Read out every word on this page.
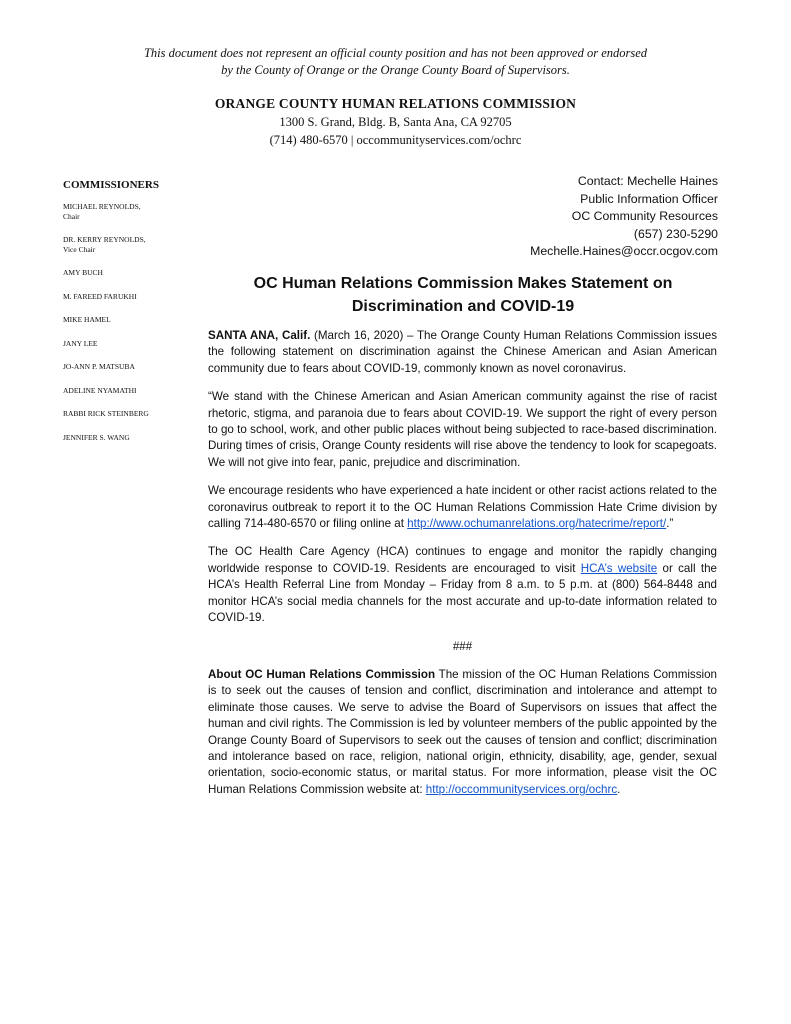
This document does not represent an official county position and has not been approved or endorsed
by the County of Orange or the Orange County Board of Supervisors.
ORANGE COUNTY HUMAN RELATIONS COMMISSION
1300 S. Grand, Bldg. B, Santa Ana, CA 92705
(714) 480-6570 | occommunityservices.com/ochrc
COMMISSIONERS
MICHAEL REYNOLDS,
Chair
DR. KERRY REYNOLDS,
Vice Chair
AMY BUCH
M. FAREED FARUKHI
MIKE HAMEL
JANY LEE
JO-ANN P. MATSUBA
ADELINE NYAMATHI
RABBI RICK STEINBERG
JENNIFER S. WANG
Contact: Mechelle Haines
Public Information Officer
OC Community Resources
(657) 230-5290
Mechelle.Haines@occr.ocgov.com
OC Human Relations Commission Makes Statement on
Discrimination and COVID-19

SANTA ANA, Calif. (March 16, 2020) – The Orange County Human Relations Commission issues the following statement on discrimination against the Chinese American and Asian American community due to fears about COVID-19, commonly known as novel coronavirus.

“We stand with the Chinese American and Asian American community against the rise of racist rhetoric, stigma, and paranoia due to fears about COVID-19. We support the right of every person to go to school, work, and other public places without being subjected to race-based discrimination. During times of crisis, Orange County residents will rise above the tendency to look for scapegoats. We will not give into fear, panic, prejudice and discrimination.

We encourage residents who have experienced a hate incident or other racist actions related to the coronavirus outbreak to report it to the OC Human Relations Commission Hate Crime division by calling 714-480-6570 or filing online at http://www.ochumanrelations.org/hatecrime/report/.”

The OC Health Care Agency (HCA) continues to engage and monitor the rapidly changing worldwide response to COVID-19. Residents are encouraged to visit HCA’s website or call the HCA’s Health Referral Line from Monday – Friday from 8 a.m. to 5 p.m. at (800) 564-8448 and monitor HCA’s social media channels for the most accurate and up-to-date information related to COVID-19.

###

About OC Human Relations Commission The mission of the OC Human Relations Commission is to seek out the causes of tension and conflict, discrimination and intolerance and attempt to eliminate those causes. We serve to advise the Board of Supervisors on issues that affect the human and civil rights. The Commission is led by volunteer members of the public appointed by the Orange County Board of Supervisors to seek out the causes of tension and conflict; discrimination and intolerance based on race, religion, national origin, ethnicity, disability, age, gender, sexual orientation, socio-economic status, or marital status. For more information, please visit the OC Human Relations Commission website at: http://occommunityservices.org/ochrc.
